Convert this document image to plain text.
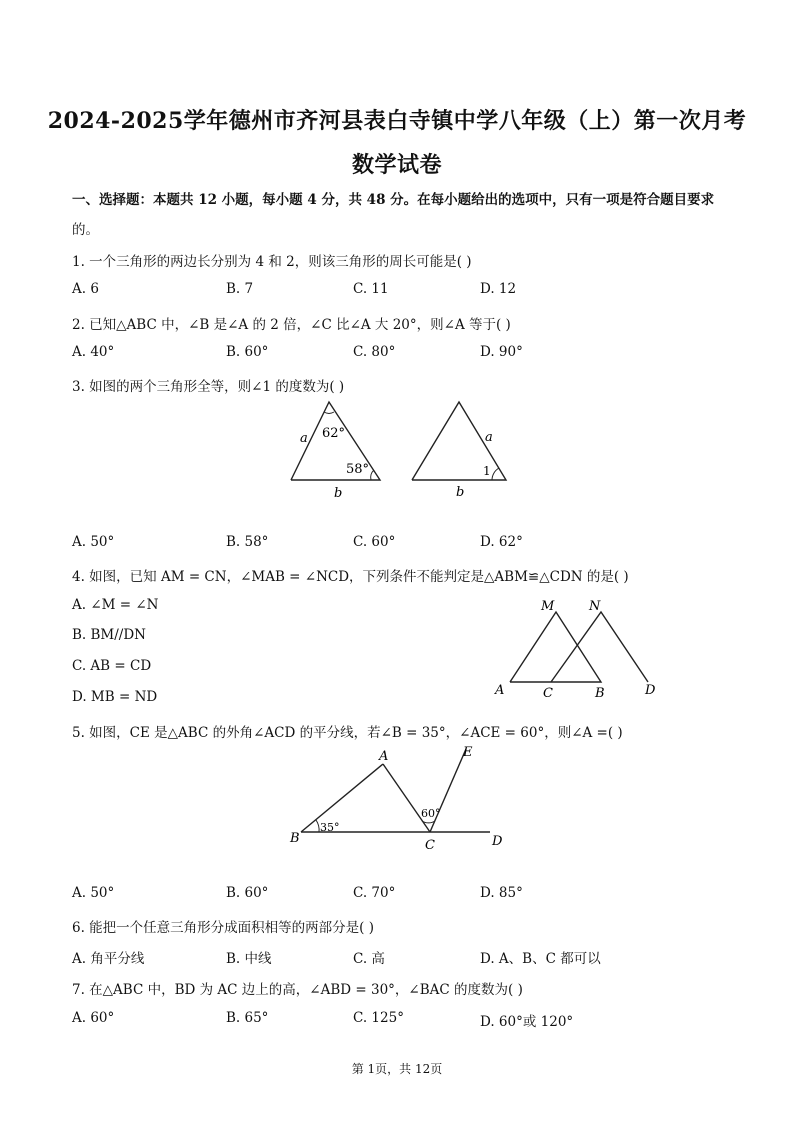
2024-2025学年德州市齐河县表白寺镇中学八年级（上）第一次月考
数学试卷
一、选择题：本题共 12 小题，每小题 4 分，共 48 分。在每小题给出的选项中，只有一项是符合题目要求
的。
1. 一个三角形的两边长分别为 4 和 2，则该三角形的周长可能是( )
A. 6	B. 7	C. 11	D. 12
2. 已知△ABC 中，∠B 是∠A 的 2 倍，∠C 比∠A 大 20°，则∠A 等于( )
A. 40°	B. 60°	C. 80°	D. 90°
3. 如图的两个三角形全等，则∠1 的度数为( )
a 62°
58°
b
a
1
b
A. 50°	B. 58°	C. 60°	D. 62°
4. 如图，已知 AM = CN，∠MAB = ∠NCD，下列条件不能判定是△ABM≌△CDN 的是( )
A. ∠M = ∠N
B. BM//DN
C. AB = CD
D. MB = ND
M	N
A	C	B	D
5. 如图，CE 是△ABC 的外角∠ACD 的平分线，若∠B = 35°，∠ACE = 60°，则∠A =( )
A	E
B	C	D
35°
60°
A. 50°	B. 60°	C. 70°	D. 85°
6. 能把一个任意三角形分成面积相等的两部分是( )
A. 角平分线	B. 中线	C. 高	D. A、B、C 都可以
7. 在△ABC 中，BD 为 AC 边上的高，∠ABD = 30°，∠BAC 的度数为( )
A. 60°	B. 65°	C. 125°	D. 60°或 120°
第 1页，共 12页
